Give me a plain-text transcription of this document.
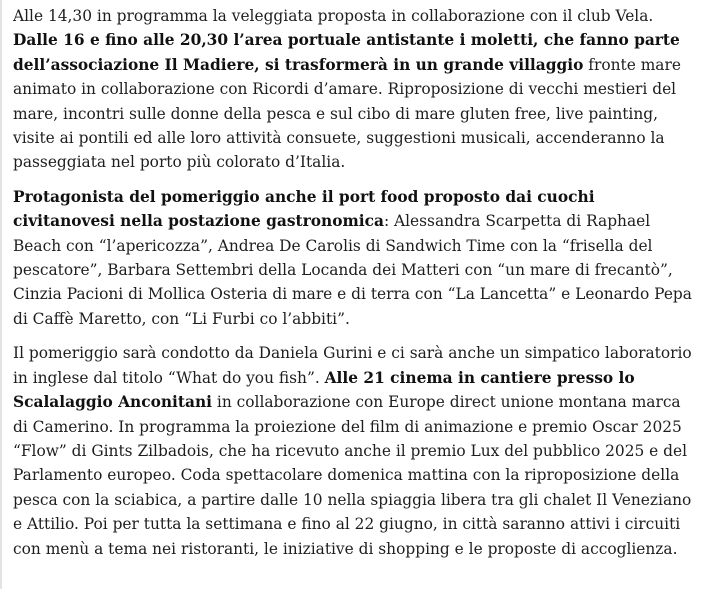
Alle 14,30 in programma la veleggiata proposta in collaborazione con il club Vela. Dalle 16 e fino alle 20,30 l’area portuale antistante i moletti, che fanno parte dell’associazione Il Madiere, si trasformerà in un grande villaggio fronte mare animato in collaborazione con Ricordi d’amare. Riproposizione di vecchi mestieri del mare, incontri sulle donne della pesca e sul cibo di mare gluten free, live painting, visite ai pontili ed alle loro attività consuete, suggestioni musicali, accenderanno la passeggiata nel porto più colorato d’Italia.

Protagonista del pomeriggio anche il port food proposto dai cuochi civitanovesi nella postazione gastronomica: Alessandra Scarpetta di Raphael Beach con “l’apericozza”, Andrea De Carolis di Sandwich Time con la “frisella del pescatore”, Barbara Settembri della Locanda dei Matteri con “un mare di frecantò”, Cinzia Pacioni di Mollica Osteria di mare e di terra con “La Lancetta” e Leonardo Pepa di Caffè Maretto, con “Li Furbi co l’abbiti”.

Il pomeriggio sarà condotto da Daniela Gurini e ci sarà anche un simpatico laboratorio in inglese dal titolo “What do you fish”. Alle 21 cinema in cantiere presso lo Scalalaggio Anconitani in collaborazione con Europe direct unione montana marca di Camerino. In programma la proiezione del film di animazione e premio Oscar 2025 “Flow” di Gints Zilbadois, che ha ricevuto anche il premio Lux del pubblico 2025 e del Parlamento europeo. Coda spettacolare domenica mattina con la riproposizione della pesca con la sciabica, a partire dalle 10 nella spiaggia libera tra gli chalet Il Veneziano e Attilio. Poi per tutta la settimana e fino al 22 giugno, in città saranno attivi i circuiti con menù a tema nei ristoranti, le iniziative di shopping e le proposte di accoglienza.
